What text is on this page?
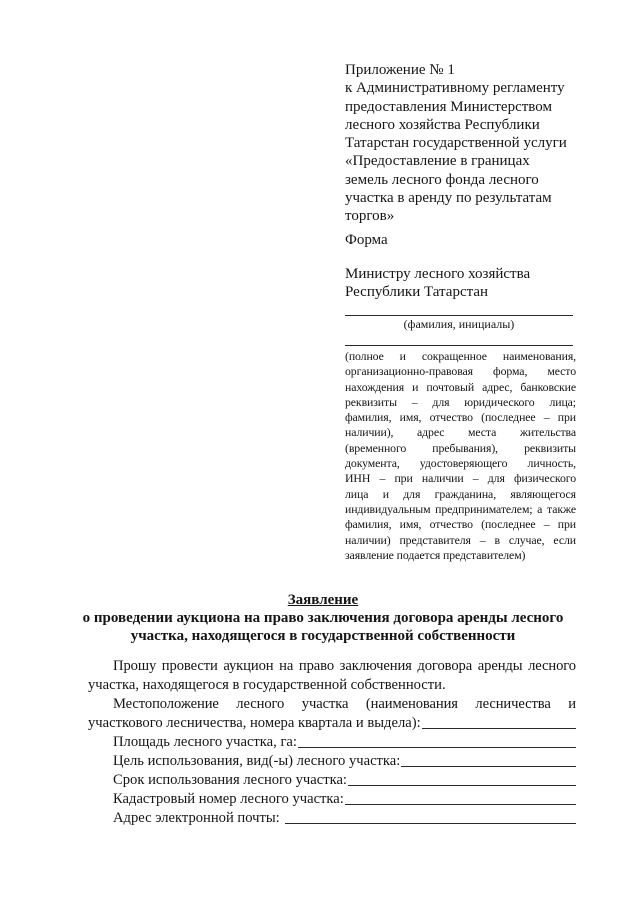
Приложение № 1
к Административному регламенту
предоставления Министерством
лесного хозяйства Республики
Татарстан государственной услуги
«Предоставление в границах
земель лесного фонда лесного
участка в аренду по результатам
торгов»
Форма
Министру лесного хозяйства
Республики Татарстан
(фамилия, инициалы)
(полное и сокращенное наименования,
организационно-правовая форма, место
нахождения и почтовый адрес, банковские
реквизиты – для юридического лица;
фамилия, имя, отчество (последнее – при
наличии), адрес места жительства
(временного пребывания), реквизиты
документа, удостоверяющего личность,
ИНН – при наличии – для физического
лица и для гражданина, являющегося
индивидуальным предпринимателем; а также
фамилия, имя, отчество (последнее – при
наличии) представителя – в случае, если
заявление подается представителем)
Заявление
о проведении аукциона на право заключения договора аренды лесного
участка, находящегося в государственной собственности
Прошу провести аукцион на право заключения договора аренды лесного
участка, находящегося в государственной собственности.
Местоположение лесного участка (наименования лесничества и
участкового лесничества, номера квартала и выдела):
Площадь лесного участка, га:
Цель использования, вид(-ы) лесного участка:
Срок использования лесного участка:
Кадастровый номер лесного участка:
Адрес электронной почты:
